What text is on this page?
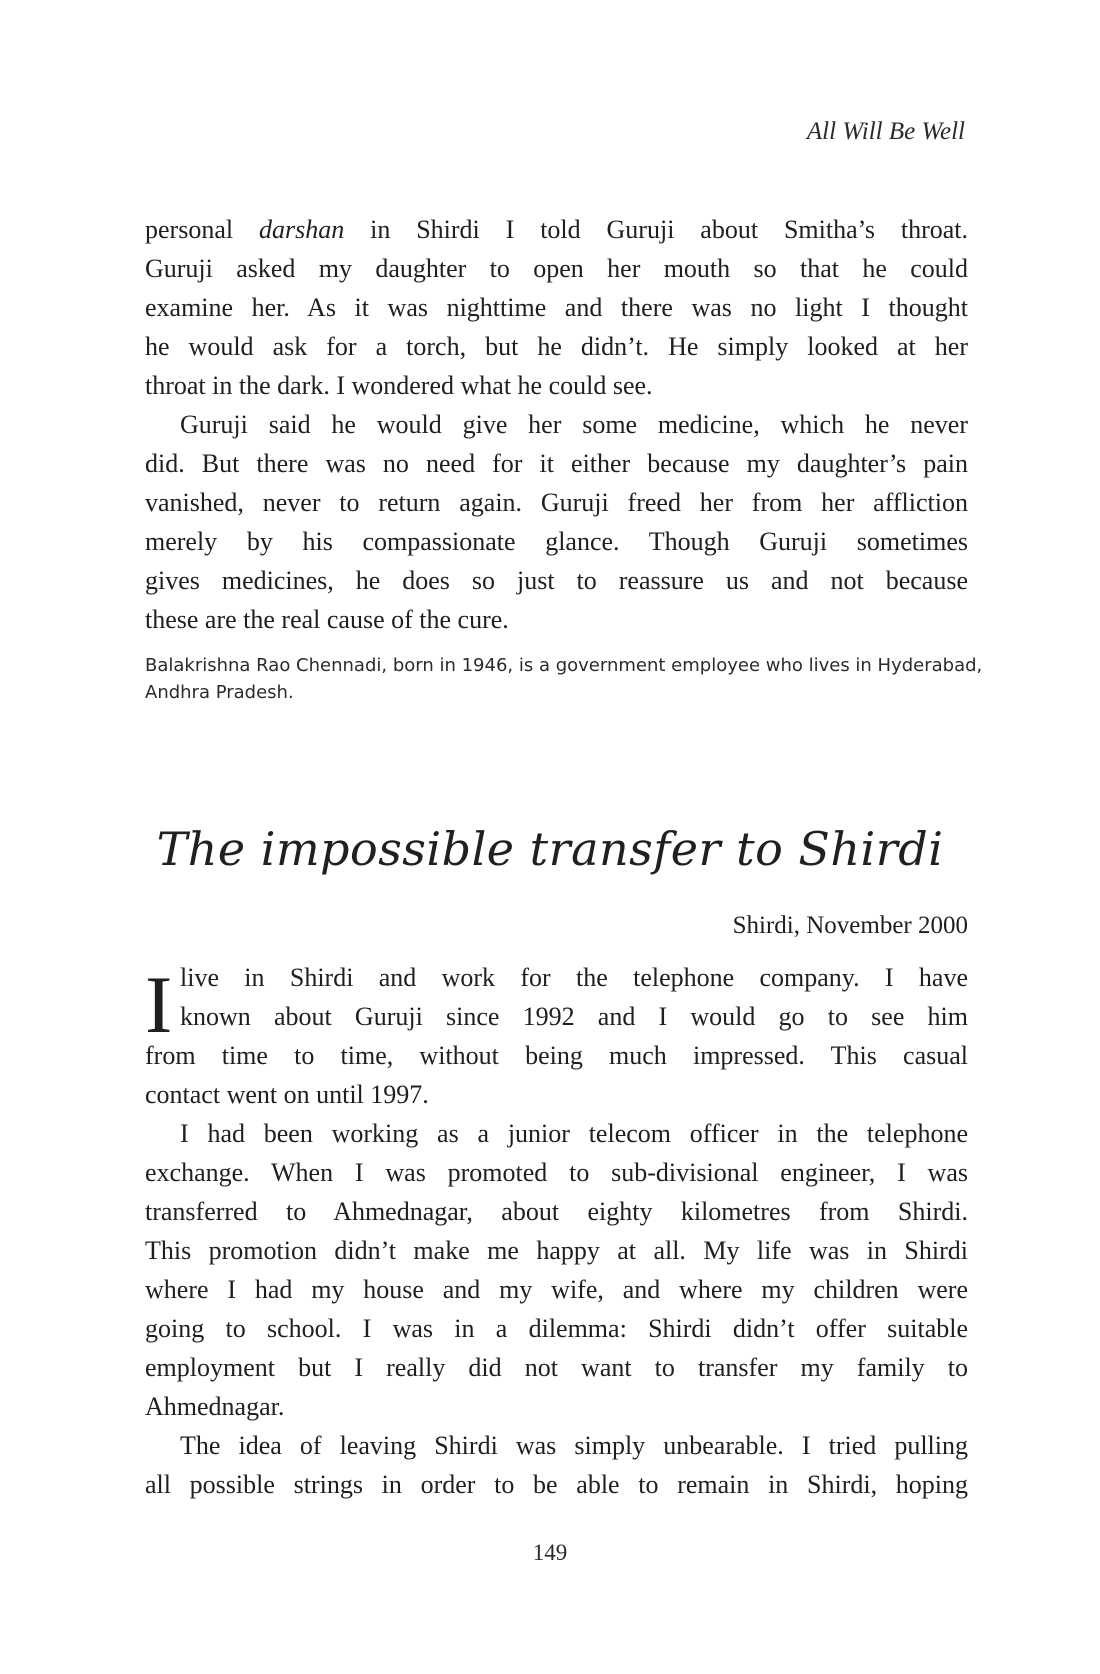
All Will Be Well
personal darshan in Shirdi I told Guruji about Smitha’s throat.
Guruji asked my daughter to open her mouth so that he could
examine her. As it was nighttime and there was no light I thought
he would ask for a torch, but he didn’t. He simply looked at her
throat in the dark. I wondered what he could see.
Guruji said he would give her some medicine, which he never
did. But there was no need for it either because my daughter’s pain
vanished, never to return again. Guruji freed her from her affliction
merely by his compassionate glance. Though Guruji sometimes
gives medicines, he does so just to reassure us and not because
these are the real cause of the cure.
Balakrishna Rao Chennadi, born in 1946, is a government employee who lives in Hyderabad,
Andhra Pradesh.
The impossible transfer to Shirdi
Shirdi, November 2000
I live in Shirdi and work for the telephone company. I have
known about Guruji since 1992 and I would go to see him
from time to time, without being much impressed. This casual
contact went on until 1997.
I had been working as a junior telecom officer in the telephone
exchange. When I was promoted to sub-divisional engineer, I was
transferred to Ahmednagar, about eighty kilometres from Shirdi.
This promotion didn’t make me happy at all. My life was in Shirdi
where I had my house and my wife, and where my children were
going to school. I was in a dilemma: Shirdi didn’t offer suitable
employment but I really did not want to transfer my family to
Ahmednagar.
The idea of leaving Shirdi was simply unbearable. I tried pulling
all possible strings in order to be able to remain in Shirdi, hoping
149
